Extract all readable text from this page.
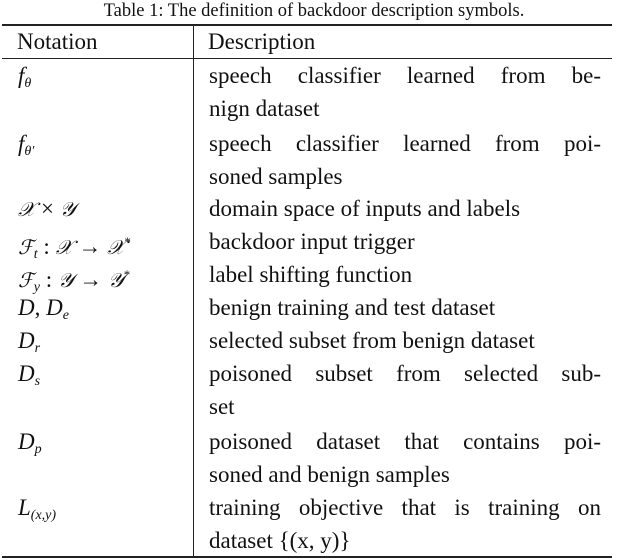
Table 1: The definition of backdoor description symbols.
Notation	Description
$f_\theta$	speech classifier learned from be-
nign dataset
$f_{\theta'}$	speech classifier learned from poi-
soned samples
𝒳 × 𝒴	domain space of inputs and labels
ℱ$_t$ : 𝒳 → 𝒳*	backdoor input trigger
ℱ$_y$ : 𝒴 → 𝒴*	label shifting function
D, $D_e$	benign training and test dataset
$D_r$	selected subset from benign dataset
$D_s$	poisoned subset from selected sub-
set
$D_p$	poisoned dataset that contains poi-
soned and benign samples
$L_{(x,y)}$	training objective that is training on
dataset {(x, y)}
